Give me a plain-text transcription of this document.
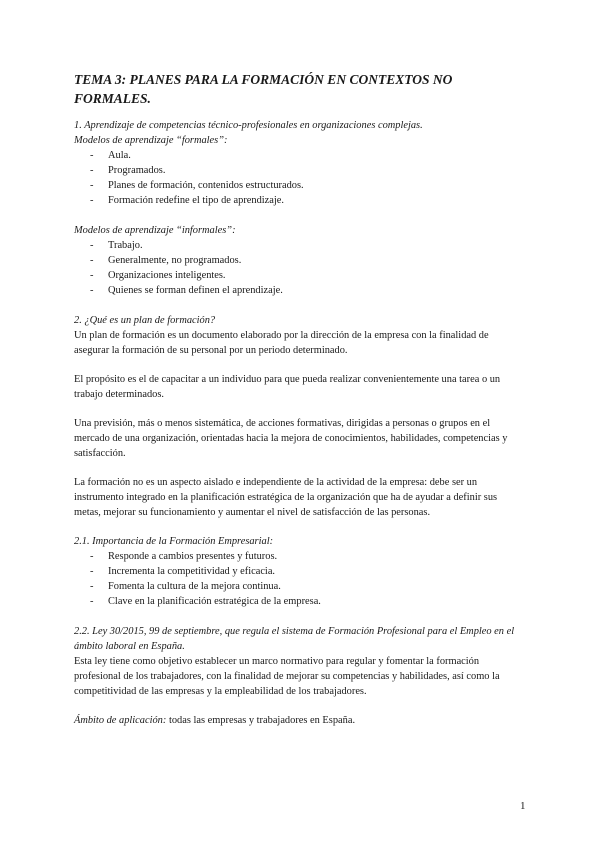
TEMA 3: PLANES PARA LA FORMACIÓN EN CONTEXTOS NO FORMALES.

1. Aprendizaje de competencias técnico-profesionales en organizaciones complejas.

Modelos de aprendizaje “formales”:

- Aula.
- Programados.
- Planes de formación, contenidos estructurados.
- Formación redefine el tipo de aprendizaje.

Modelos de aprendizaje “informales”:

- Trabajo.
- Generalmente, no programados.
- Organizaciones inteligentes.
- Quienes se forman definen el aprendizaje.

2. ¿Qué es un plan de formación?

Un plan de formación es un documento elaborado por la dirección de la empresa con la finalidad de asegurar la formación de su personal por un periodo determinado.

El propósito es el de capacitar a un individuo para que pueda realizar convenientemente una tarea o un trabajo determinados.

Una previsión, más o menos sistemática, de acciones formativas, dirigidas a personas o grupos en el mercado de una organización, orientadas hacia la mejora de conocimientos, habilidades, competencias y satisfacción.

La formación no es un aspecto aislado e independiente de la actividad de la empresa: debe ser un instrumento integrado en la planificación estratégica de la organización que ha de ayudar a definir sus metas, mejorar su funcionamiento y aumentar el nivel de satisfacción de las personas.

2.1. Importancia de la Formación Empresarial:

- Responde a cambios presentes y futuros.
- Incrementa la competitividad y eficacia.
- Fomenta la cultura de la mejora continua.
- Clave en la planificación estratégica de la empresa.

2.2. Ley 30/2015, 99 de septiembre, que regula el sistema de Formación Profesional para el Empleo en el ámbito laboral en España.

Esta ley tiene como objetivo establecer un marco normativo para regular y fomentar la formación profesional de los trabajadores, con la finalidad de mejorar su competencias y habilidades, así como la competitividad de las empresas y la empleabilidad de los trabajadores.

Ámbito de aplicación: todas las empresas y trabajadores en España.

1
